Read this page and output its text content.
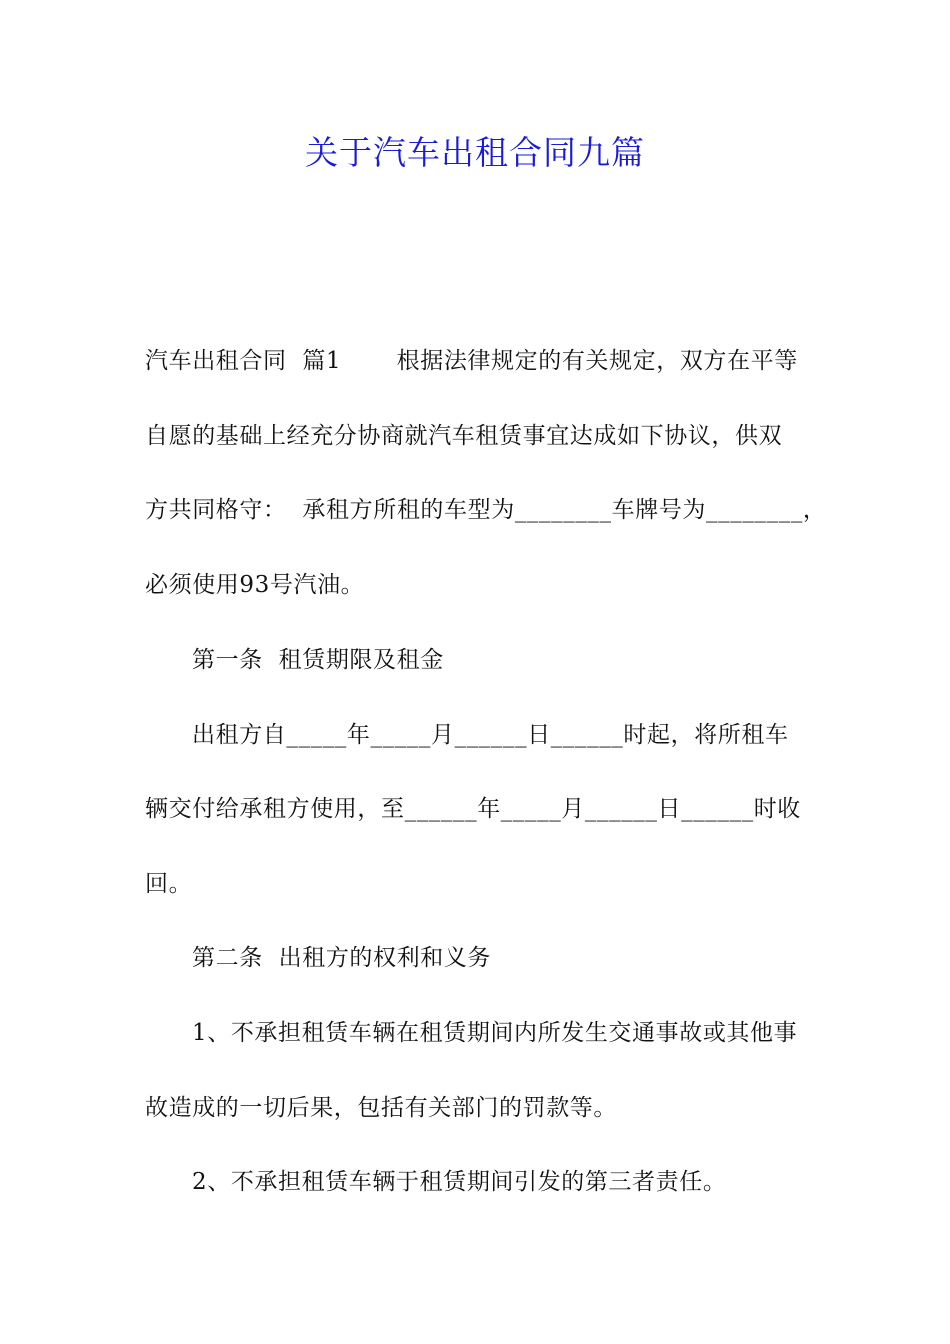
关于汽车出租合同九篇
汽车出租合同  篇1       根据法律规定的有关规定，双方在平等
自愿的基础上经充分协商就汽车租赁事宜达成如下协议，供双
方共同格守：  承租方所租的车型为________车牌号为________，
必须使用93号汽油。
第一条  租赁期限及租金
出租方自_____年_____月______日______时起，将所租车
辆交付给承租方使用，至______年_____月______日______时收
回。
第二条  出租方的权利和义务
1、不承担租赁车辆在租赁期间内所发生交通事故或其他事
故造成的一切后果，包括有关部门的罚款等。
2、不承担租赁车辆于租赁期间引发的第三者责任。
